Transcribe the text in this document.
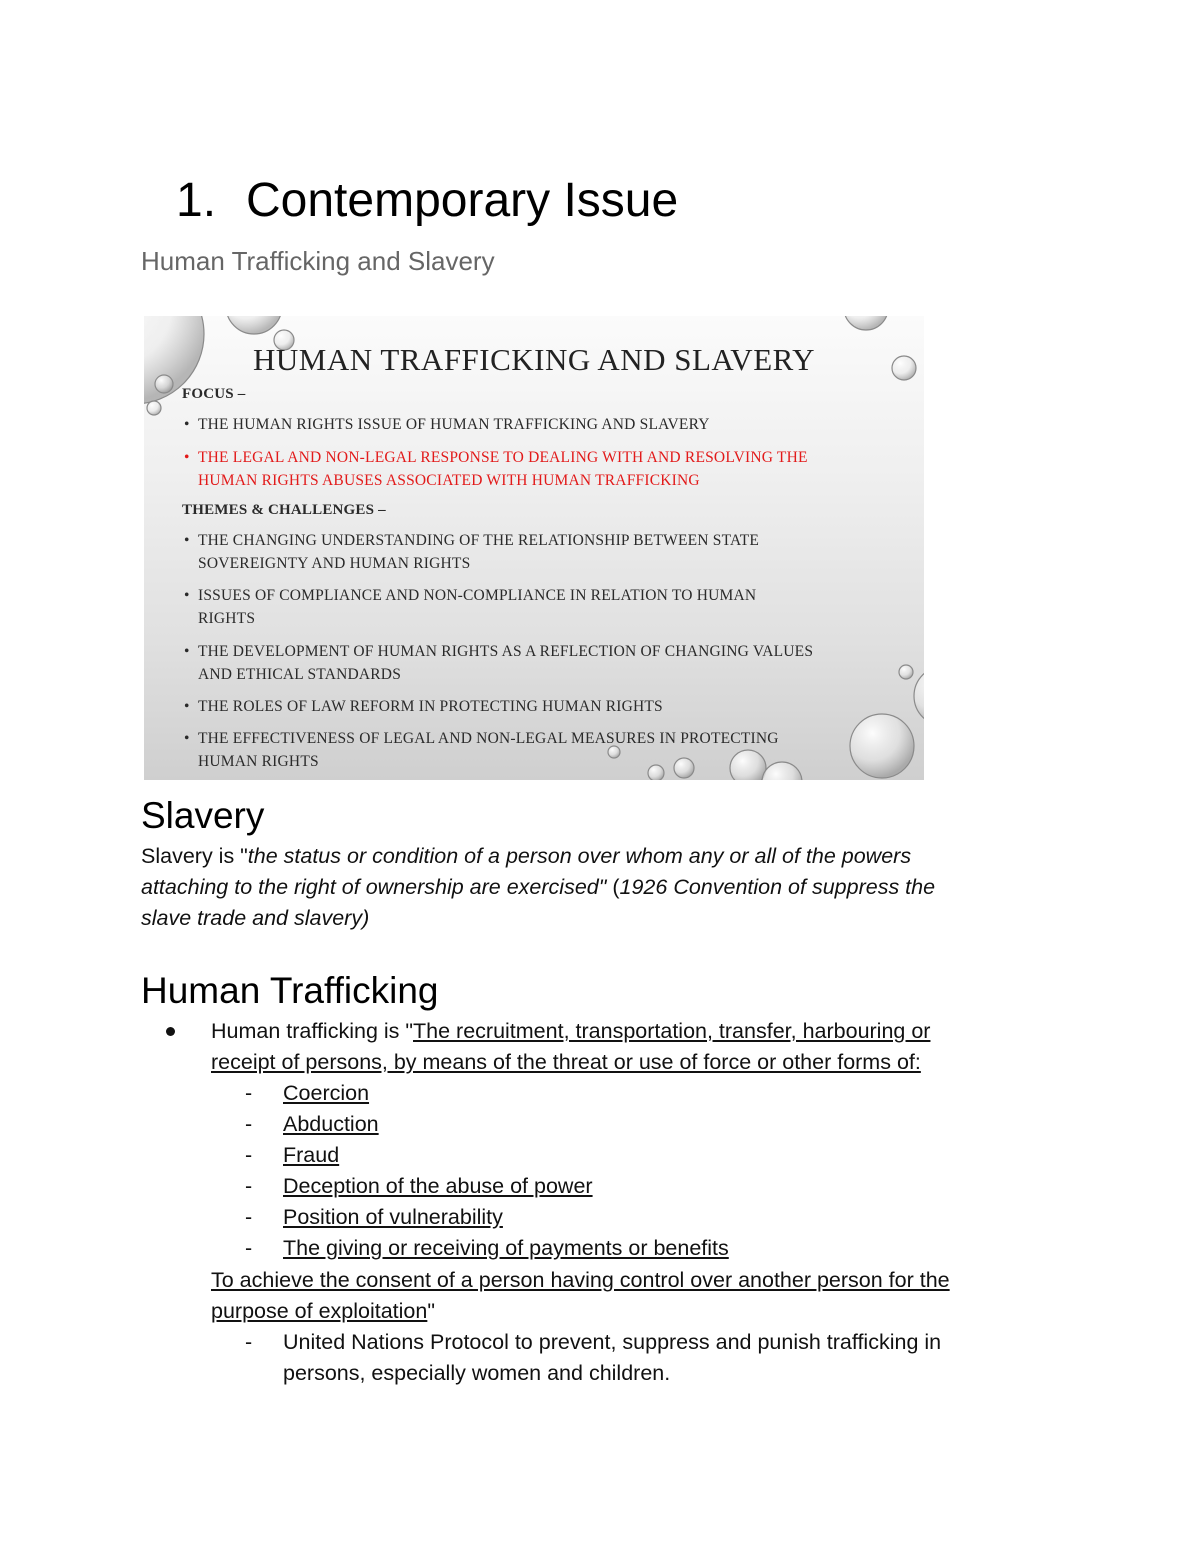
1. Contemporary Issue
Human Trafficking and Slavery
HUMAN TRAFFICKING AND SLAVERY
FOCUS –
• THE HUMAN RIGHTS ISSUE OF HUMAN TRAFFICKING AND SLAVERY
• THE LEGAL AND NON-LEGAL RESPONSE TO DEALING WITH AND RESOLVING THE
HUMAN RIGHTS ABUSES ASSOCIATED WITH HUMAN TRAFFICKING
THEMES & CHALLENGES –
• THE CHANGING UNDERSTANDING OF THE RELATIONSHIP BETWEEN STATE
SOVEREIGNTY AND HUMAN RIGHTS
• ISSUES OF COMPLIANCE AND NON-COMPLIANCE IN RELATION TO HUMAN
RIGHTS
• THE DEVELOPMENT OF HUMAN RIGHTS AS A REFLECTION OF CHANGING VALUES
AND ETHICAL STANDARDS
• THE ROLES OF LAW REFORM IN PROTECTING HUMAN RIGHTS
• THE EFFECTIVENESS OF LEGAL AND NON-LEGAL MEASURES IN PROTECTING
HUMAN RIGHTS
Slavery
Slavery is "the status or condition of a person over whom any or all of the powers
attaching to the right of ownership are exercised" (1926 Convention of suppress the
slave trade and slavery)
Human Trafficking
Human trafficking is "The recruitment, transportation, transfer, harbouring or
receipt of persons, by means of the threat or use of force or other forms of:
- Coercion
- Abduction
- Fraud
- Deception of the abuse of power
- Position of vulnerability
- The giving or receiving of payments or benefits
To achieve the consent of a person having control over another person for the
purpose of exploitation"
- United Nations Protocol to prevent, suppress and punish trafficking in
persons, especially women and children.
